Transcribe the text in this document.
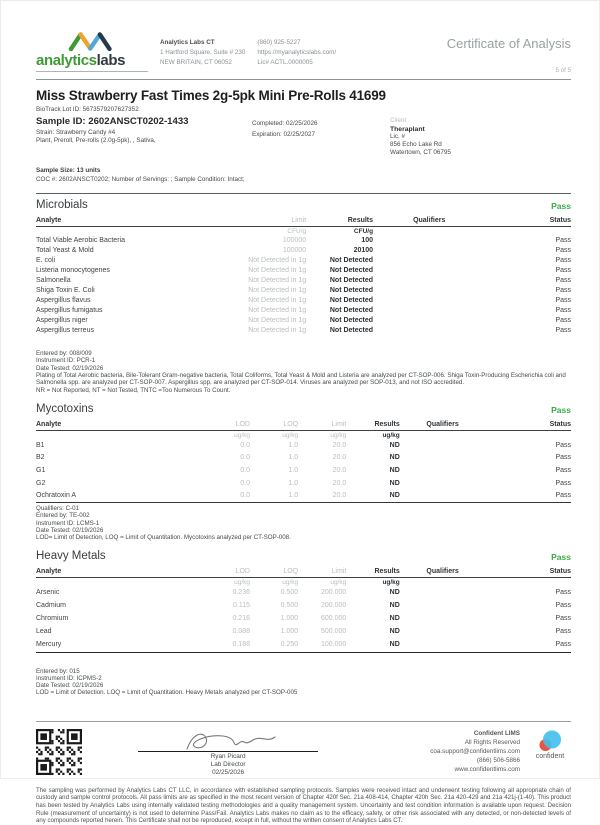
analyticslabs
Analytics Labs CT
1 Hartford Square, Suite # 230
NEW BRITAIN, CT 06052
(860) 925-5227
https://myanalyticslabs.com/
Lic# ACTL.0000005
Certificate of Analysis
5 of 5
Miss Strawberry Fast Times 2g-5pk Mini Pre-Rolls 41699
BioTrack Lot ID: 5673579207627352
Sample ID: 2602ANSCT0202-1433
Strain: Strawberry Candy #4
Plant, Preroll, Pre-rolls (2.0g-5pk), , Sativa,
Completed: 02/25/2026
Expiration: 02/25/2027
Client
Theraplant
Lic. #
856 Echo Lake Rd
Watertown, CT 06795
Sample Size: 13 units
COC #: 2602ANSCT0202; Number of Servings: ; Sample Condition: Intact;
Microbials	Pass
Analyte	Limit	Results	Qualifiers	Status
	CFU/g	CFU/g		
Total Viable Aerobic Bacteria	100000	100		Pass
Total Yeast & Mold	100000	20100		Pass
E. coli	Not Detected in 1g	Not Detected		Pass
Listeria monocytogenes	Not Detected in 1g	Not Detected		Pass
Salmonella	Not Detected in 1g	Not Detected		Pass
Shiga Toxin E. Coli	Not Detected in 1g	Not Detected		Pass
Aspergillus flavus	Not Detected in 1g	Not Detected		Pass
Aspergillus fumigatus	Not Detected in 1g	Not Detected		Pass
Aspergillus niger	Not Detected in 1g	Not Detected		Pass
Aspergillus terreus	Not Detected in 1g	Not Detected		Pass
Entered by: 008/009
Instrument ID: PCR-1
Date Tested: 02/19/2026
Plating of Total Aerobic bacteria, Bile-Tolerant Gram-negative bacteria, Total Coliforms, Total Yeast & Mold and Listeria are analyzed per CT-SOP-006. Shiga Toxin-Producing Escherichia coli and Salmonella spp. are analyzed per CT-SOP-007. Aspergillus spp. are analyzed per CT-SOP-014. Viruses are analyzed per SOP-013, and not ISO accredited.
NR = Not Reported, NT = Not Tested, TNTC =Too Numerous To Count.
Mycotoxins	Pass
Analyte	LOD	LOQ	Limit	Results	Qualifiers	Status
	ug/kg	ug/kg	ug/kg	ug/kg		
B1	0.0	1.0	20.0	ND		Pass
B2	0.0	1.0	20.0	ND		Pass
G1	0.0	1.0	20.0	ND		Pass
G2	0.0	1.0	20.0	ND		Pass
Ochratoxin A	0.0	1.0	20.0	ND		Pass
Qualifiers: C-01
Entered by: TE-002
Instrument ID: LCMS-1
Date Tested: 02/19/2026
LOD= Limit of Detection, LOQ = Limit of Quantitation. Mycotoxins analyzed per CT-SOP-008.
Heavy Metals	Pass
Analyte	LOD	LOQ	Limit	Results	Qualifiers	Status
	ug/kg	ug/kg	ug/kg	ug/kg		
Arsenic	0.236	0.500	200.000	ND		Pass
Cadmium	0.115	0.500	200.000	ND		Pass
Chromium	0.216	1.000	600.000	ND		Pass
Lead	0.088	1.000	500.000	ND		Pass
Mercury	0.188	0.250	100.000	ND		Pass
Entered by: 015
Instrument ID: ICPMS-2
Date Tested: 02/19/2026
LOD = Limit of Detection. LOQ = Limit of Quantitation. Heavy Metals analyzed per CT-SOP-005
Ryan Picard
Lab Director
02/25/2026
Confident LIMS
All Rights Reserved
coa.support@confidentlims.com
(866) 506-5866
www.confidentlims.com
confident
The sampling was performed by Analytics Labs CT LLC, in accordance with established sampling protocols. Samples were received intact and underwent testing following all appropriate chain of custody and sample control protocols. All pass limits are as specified in the most recent version of Chapter 420f Sec. 21a 408-414, Chapter 420h Sec. 21a 420-429 and 21a 421j-(1-40). This product has been tested by Analytics Labs using internally validated testing methodologies and a quality management system. Uncertainty and test condition information is available upon request. Decision Rule (measurement of uncertainty) is not used to determine Pass/Fail. Analytics Labs makes no claim as to the efficacy, safety, or other risk associated with any detected, or non-detected levels of any compounds reported herein. This Certificate shall not be reproduced, except in full, without the written consent of Analytics Labs CT.
